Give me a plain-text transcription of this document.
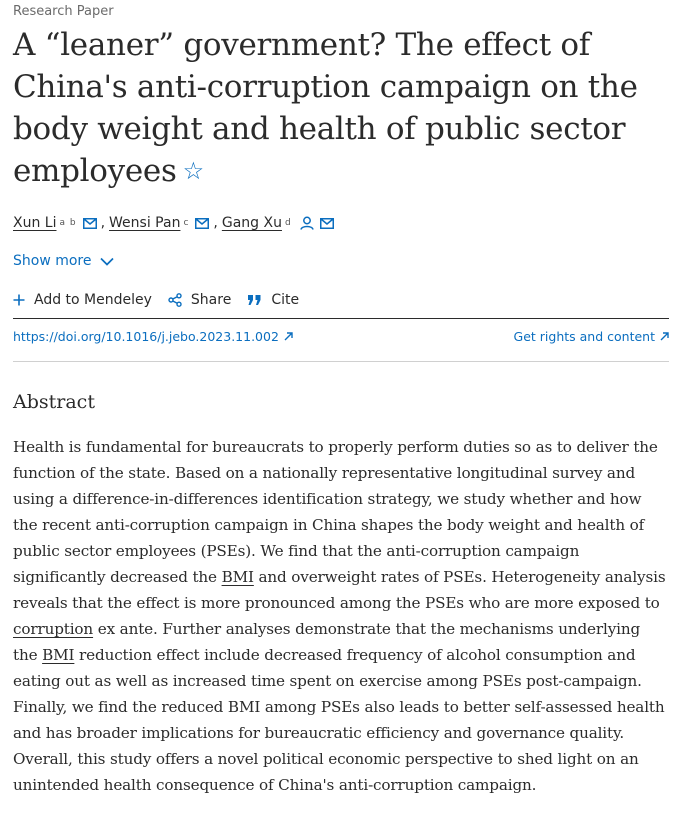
Research Paper
A “leaner” government? The effect of China's anti-corruption campaign on the body weight and health of public sector employees ☆
Xun Li a b , Wensi Pan c , Gang Xu d
Show more
Add to Mendeley	Share	Cite
https://doi.org/10.1016/j.jebo.2023.11.002	Get rights and content
Abstract

Health is fundamental for bureaucrats to properly perform duties so as to deliver the function of the state. Based on a nationally representative longitudinal survey and using a difference-in-differences identification strategy, we study whether and how the recent anti-corruption campaign in China shapes the body weight and health of public sector employees (PSEs). We find that the anti-corruption campaign significantly decreased the BMI and overweight rates of PSEs. Heterogeneity analysis reveals that the effect is more pronounced among the PSEs who are more exposed to corruption ex ante. Further analyses demonstrate that the mechanisms underlying the BMI reduction effect include decreased frequency of alcohol consumption and eating out as well as increased time spent on exercise among PSEs post-campaign. Finally, we find the reduced BMI among PSEs also leads to better self-assessed health and has broader implications for bureaucratic efficiency and governance quality. Overall, this study offers a novel political economic perspective to shed light on an unintended health consequence of China's anti-corruption campaign.
